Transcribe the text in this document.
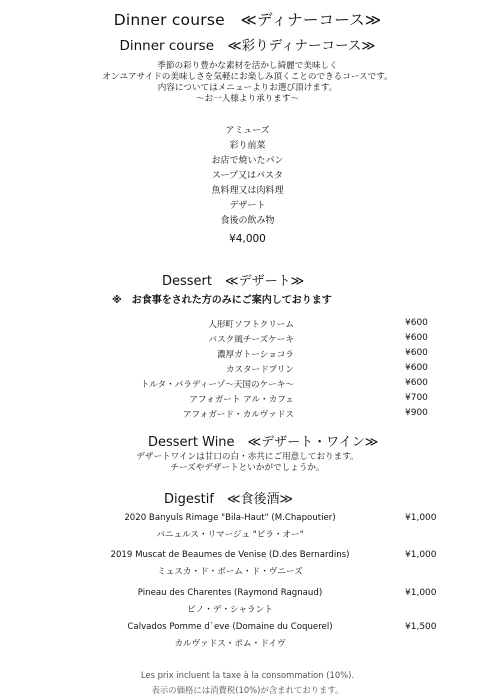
Dinner course　≪ディナーコース≫
Dinner course　≪彩りディナーコース≫
季節の彩り豊かな素材を活かし綺麗で美味しく
オンユアサイドの美味しさを気軽にお楽しみ頂くことのできるコースです。
内容についてはメニューよりお選び頂けます。
～お一人様より承ります～
アミューズ
彩り前菜
お店で焼いたパン
スープ又はパスタ
魚料理又は肉料理
デザート
食後の飲み物
¥4,000
Dessert　≪デザート≫
※　お食事をされた方のみにご案内しております
人形町ソフトクリーム	¥600
バスク風チーズケーキ	¥600
濃厚ガトーショコラ	¥600
カスタードプリン	¥600
トルタ・パラディーゾ～天国のケーキ～	¥600
アフォガート アル・カフェ	¥700
アフォガード・カルヴァドス	¥900
Dessert Wine　≪デザート・ワイン≫
デザートワインは甘口の白・赤共にご用意しております。
チーズやデザートといかがでしょうか。
Digestif　≪食後酒≫
2020 Banyuls Rimage "Bila-Haut" (M.Chapoutier)
バニュルス・リマージュ "ビラ・オー"
¥1,000
2019 Muscat de Beaumes de Venise (D.des Bernardins)
ミュスカ・ド・ボーム・ド・ヴニーズ
¥1,000
Pineau des Charentes (Raymond Ragnaud)
ピノ・デ・シャラント
¥1,000
Calvados Pomme d`eve (Domaine du Coquerel)
カルヴァドス・ポム・ドイヴ
¥1,500
Les prix incluent la taxe à la consommation (10%).
表示の価格には消費税(10%)が含まれております。
